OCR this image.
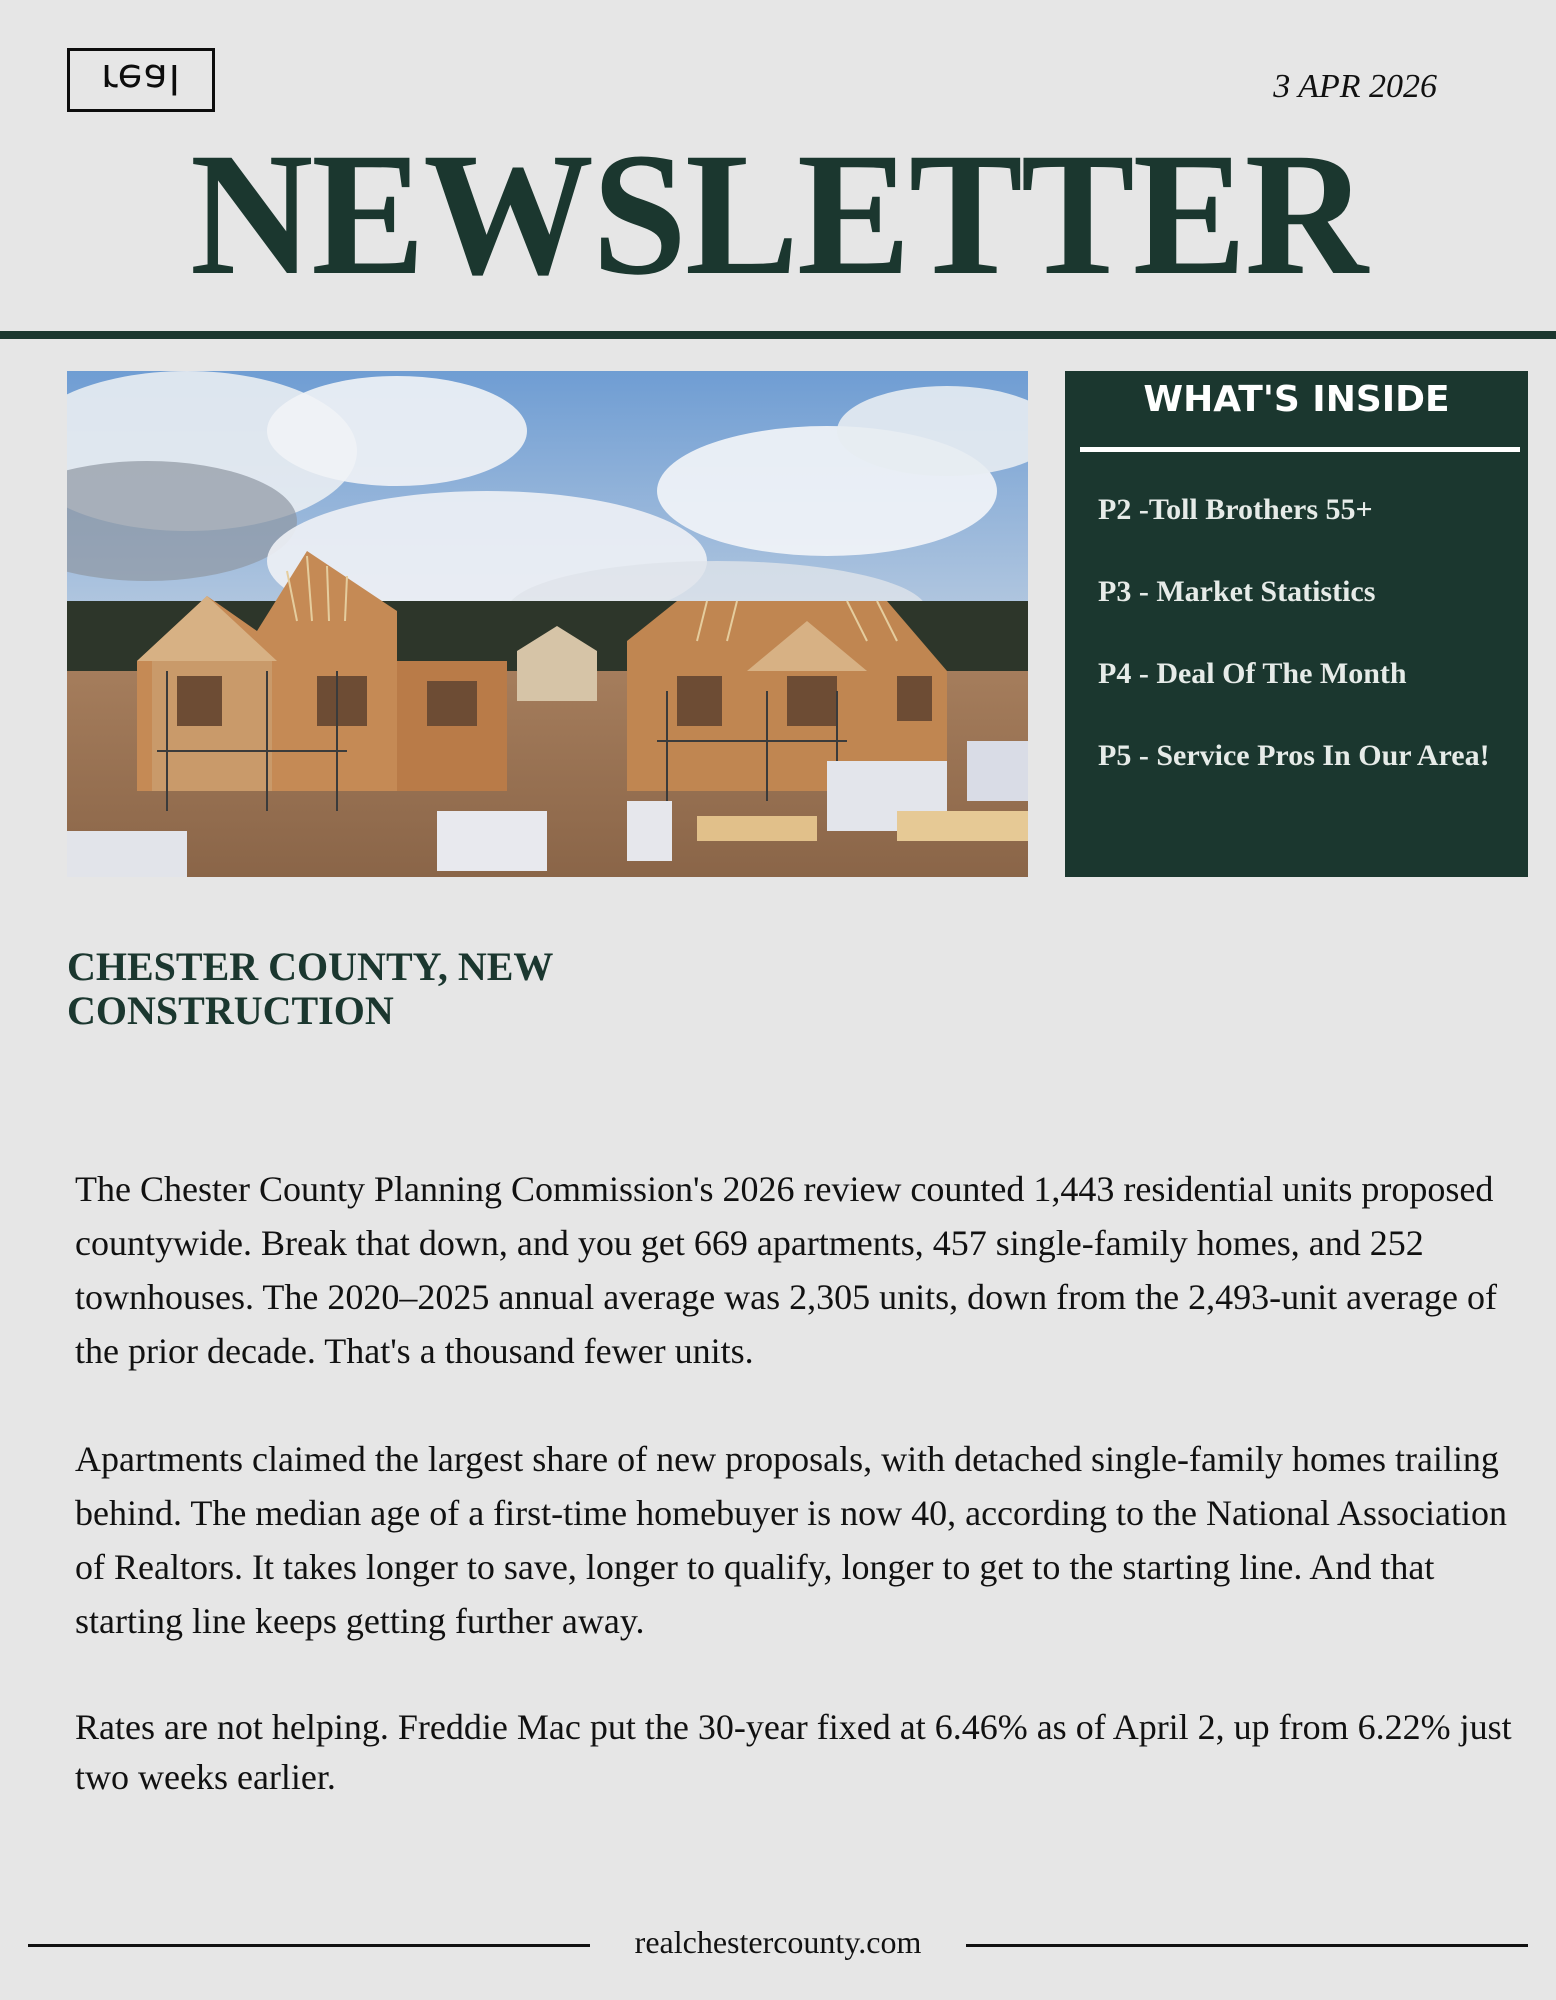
real	3 APR 2026
NEWSLETTER
WHAT'S INSIDE
P2 -Toll Brothers 55+
P3 - Market Statistics
P4 - Deal Of The Month
P5 - Service Pros In Our Area!
CHESTER COUNTY, NEW CONSTRUCTION

The Chester County Planning Commission's 2026 review counted 1,443 residential units proposed countywide. Break that down, and you get 669 apartments, 457 single-family homes, and 252 townhouses. The 2020–2025 annual average was 2,305 units, down from the 2,493-unit average of the prior decade. That's a thousand fewer units.

Apartments claimed the largest share of new proposals, with detached single-family homes trailing behind. The median age of a first-time homebuyer is now 40, according to the National Association of Realtors. It takes longer to save, longer to qualify, longer to get to the starting line. And that starting line keeps getting further away.

Rates are not helping. Freddie Mac put the 30-year fixed at 6.46% as of April 2, up from 6.22% just two weeks earlier.

realchestercounty.com
